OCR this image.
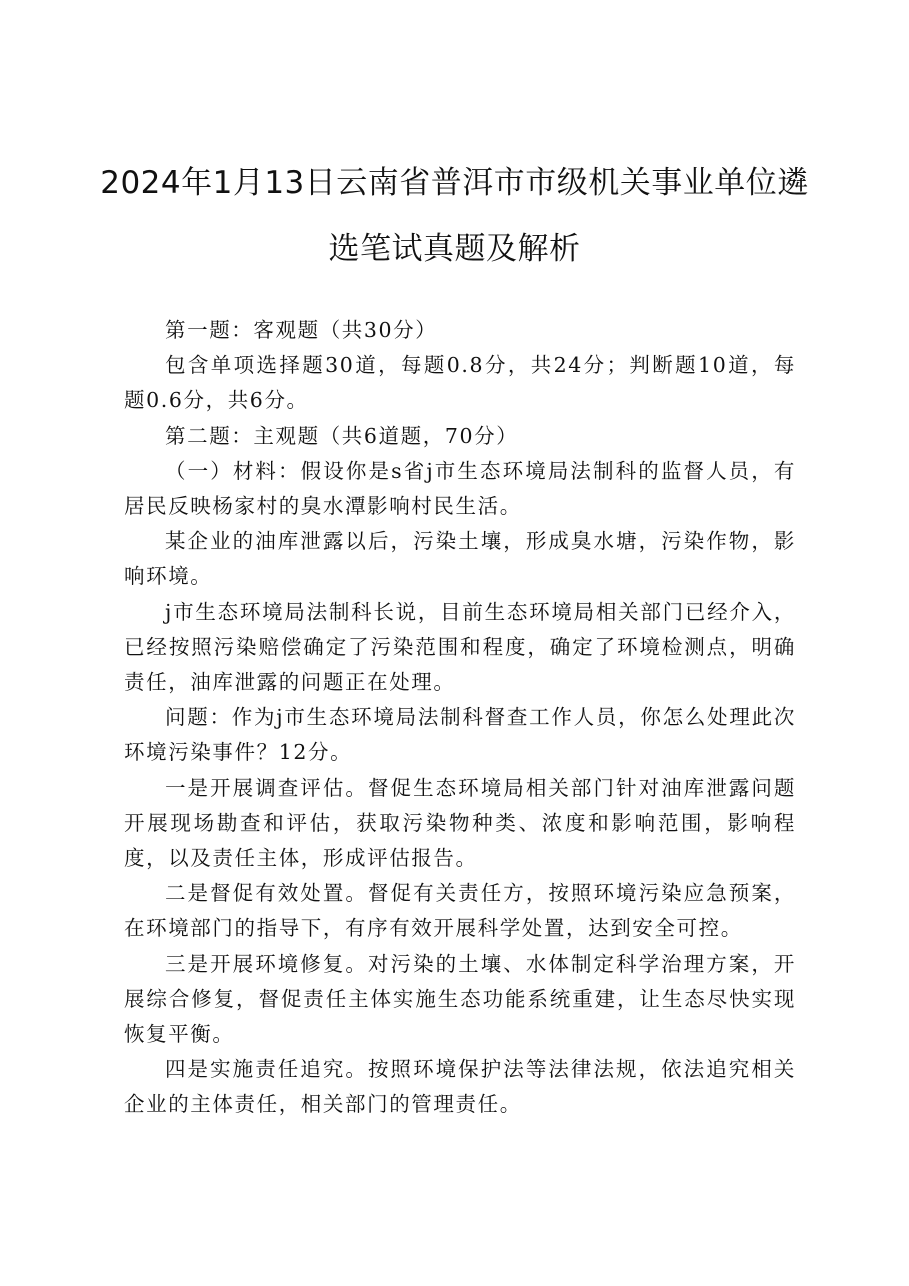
2024年1月13日云南省普洱市市级机关事业单位遴选笔试真题及解析

第一题：客观题（共30分）

包含单项选择题30道，每题0.8分，共24分；判断题10道，每题0.6分，共6分。

第二题：主观题（共6道题，70分）

（一）材料：假设你是s省j市生态环境局法制科的监督人员，有居民反映杨家村的臭水潭影响村民生活。

某企业的油库泄露以后，污染土壤，形成臭水塘，污染作物，影响环境。

j市生态环境局法制科长说，目前生态环境局相关部门已经介入，已经按照污染赔偿确定了污染范围和程度，确定了环境检测点，明确责任，油库泄露的问题正在处理。

问题：作为j市生态环境局法制科督查工作人员，你怎么处理此次环境污染事件？12分。

一是开展调查评估。督促生态环境局相关部门针对油库泄露问题开展现场勘查和评估，获取污染物种类、浓度和影响范围，影响程度，以及责任主体，形成评估报告。

二是督促有效处置。督促有关责任方，按照环境污染应急预案，在环境部门的指导下，有序有效开展科学处置，达到安全可控。

三是开展环境修复。对污染的土壤、水体制定科学治理方案，开展综合修复，督促责任主体实施生态功能系统重建，让生态尽快实现恢复平衡。

四是实施责任追究。按照环境保护法等法律法规，依法追究相关企业的主体责任，相关部门的管理责任。
